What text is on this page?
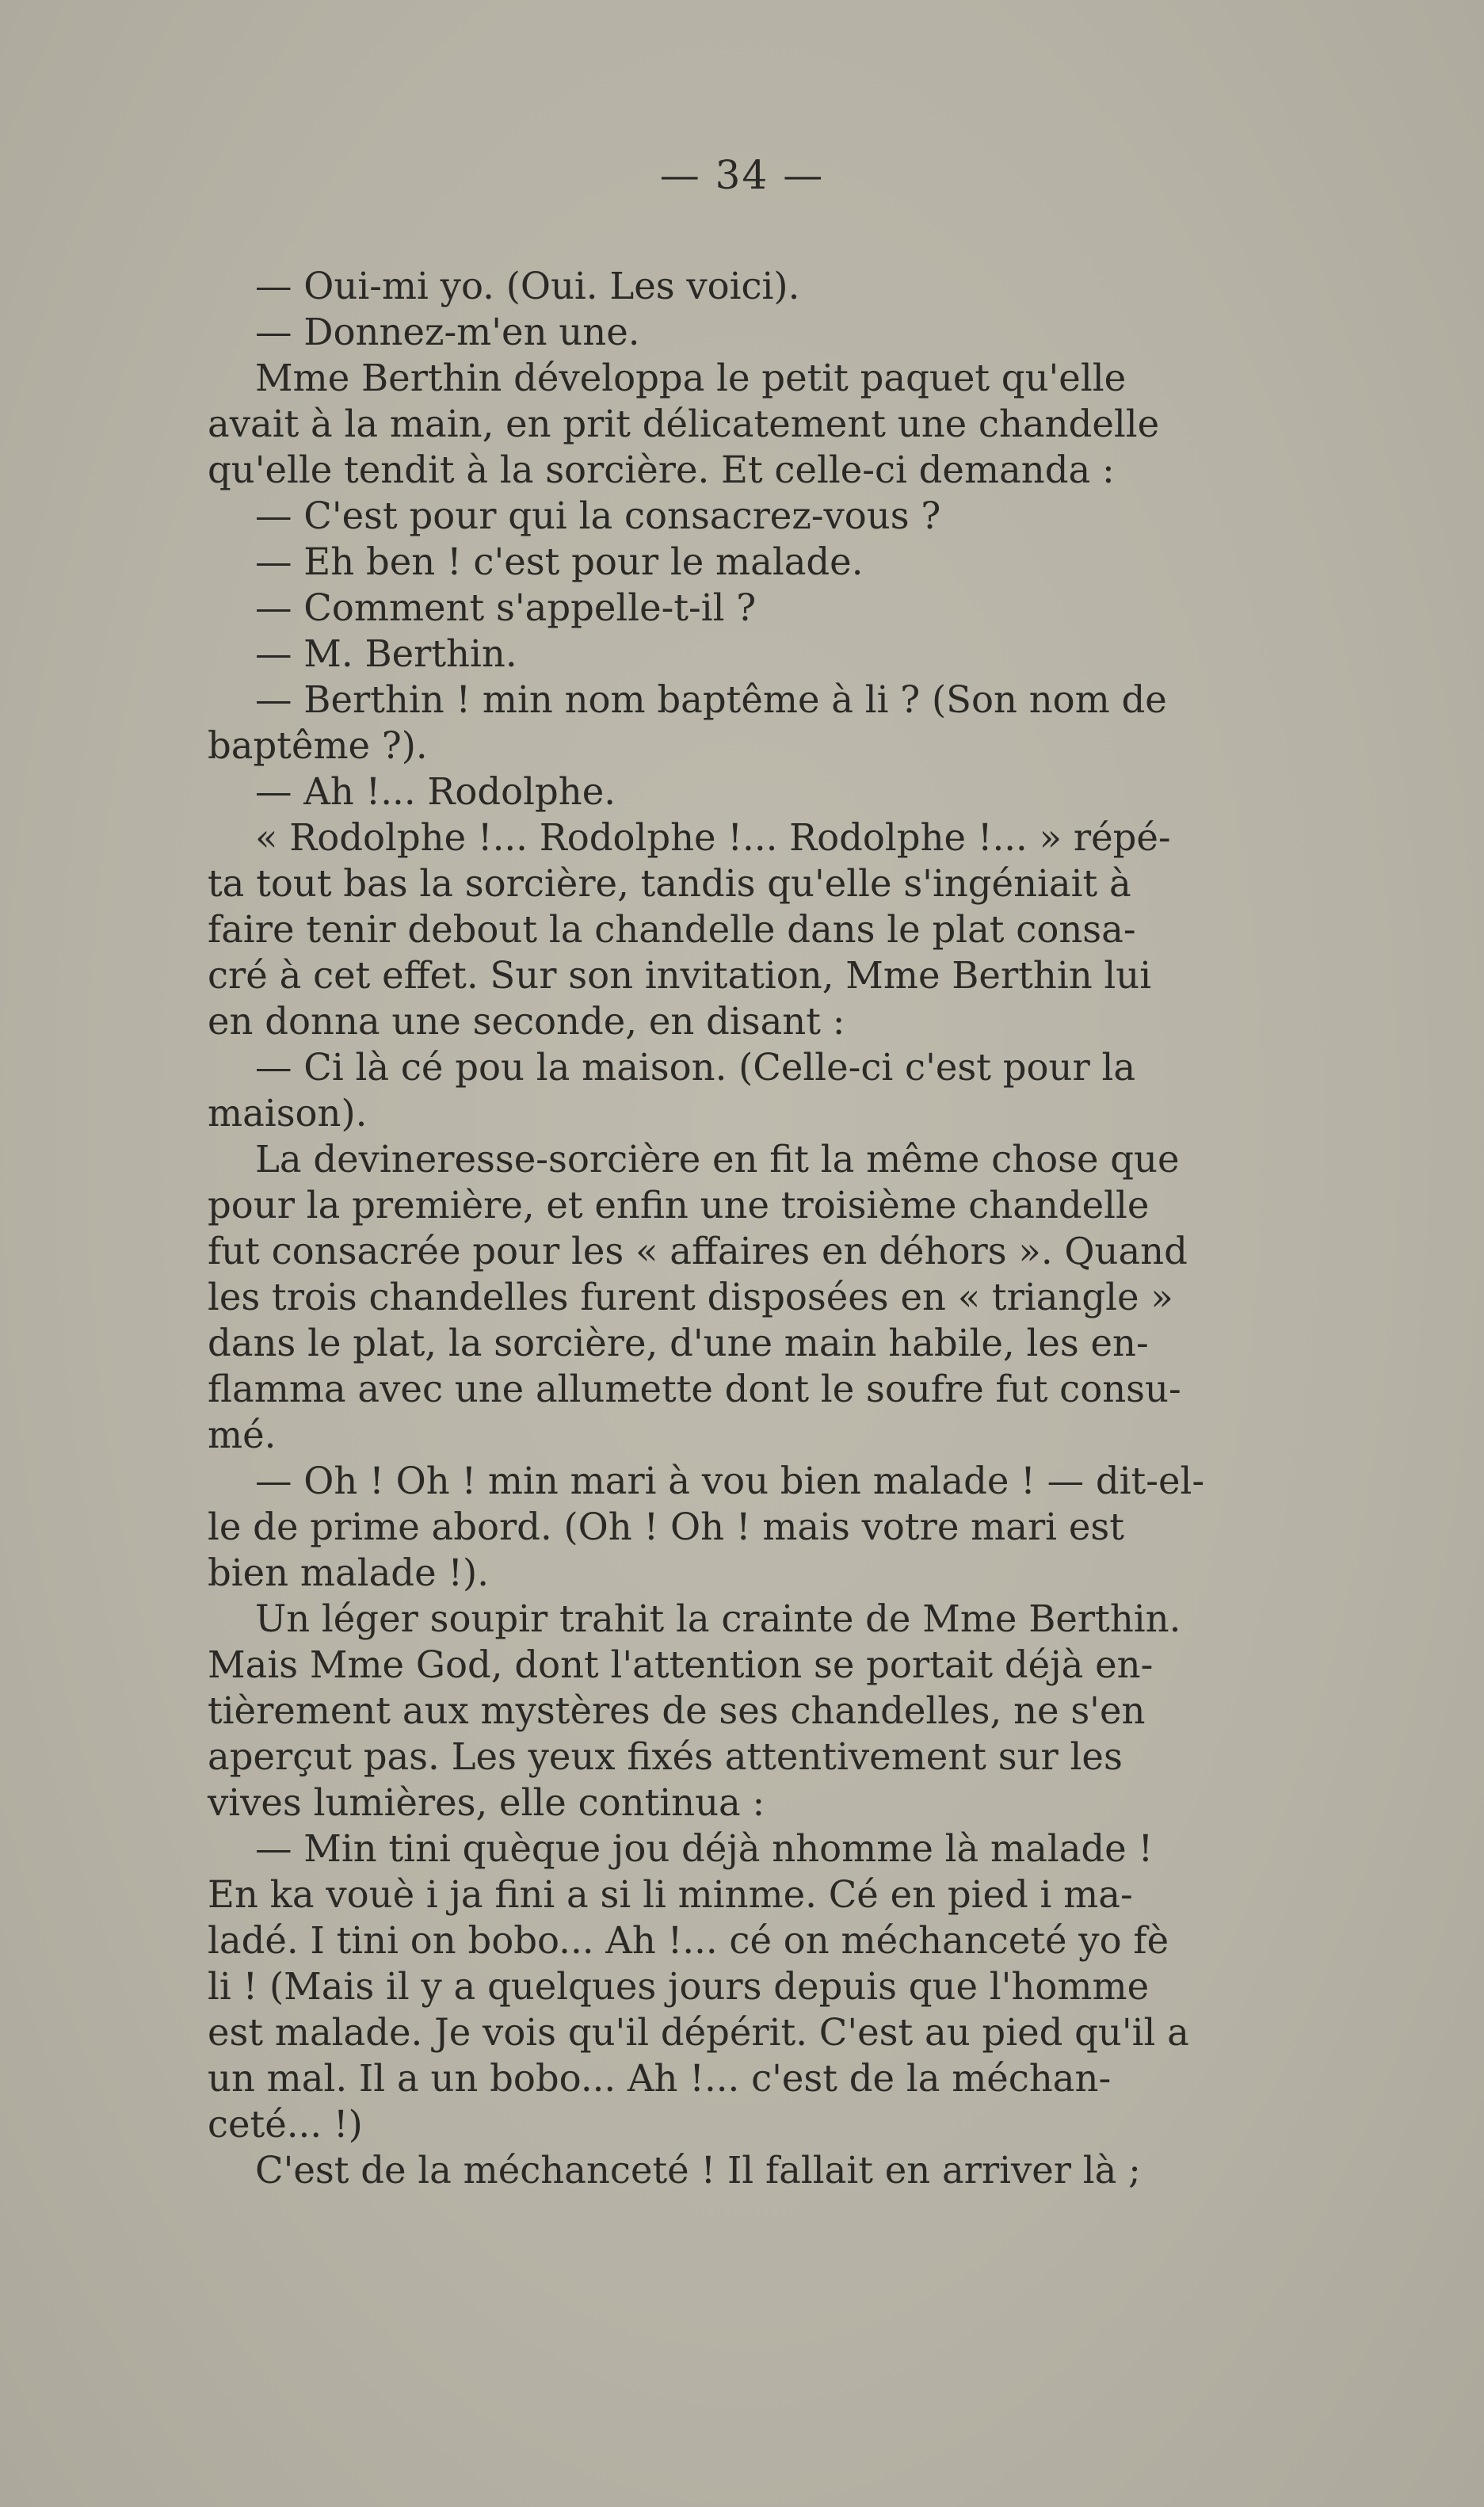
— 34 —
— Oui-mi yo. (Oui. Les voici).
— Donnez-m'en une.
Mme Berthin développa le petit paquet qu'elle
avait à la main, en prit délicatement une chandelle
qu'elle tendit à la sorcière. Et celle-ci demanda :
— C'est pour qui la consacrez-vous ?
— Eh ben ! c'est pour le malade.
— Comment s'appelle-t-il ?
— M. Berthin.
— Berthin ! min nom baptême à li ? (Son nom de
baptême ?).
— Ah !... Rodolphe.
« Rodolphe !... Rodolphe !... Rodolphe !... » répé-
ta tout bas la sorcière, tandis qu'elle s'ingéniait à
faire tenir debout la chandelle dans le plat consa-
cré à cet effet. Sur son invitation, Mme Berthin lui
en donna une seconde, en disant :
— Ci là cé pou la maison. (Celle-ci c'est pour la
maison).
La devineresse-sorcière en fit la même chose que
pour la première, et enfin une troisième chandelle
fut consacrée pour les « affaires en déhors ». Quand
les trois chandelles furent disposées en « triangle »
dans le plat, la sorcière, d'une main habile, les en-
flamma avec une allumette dont le soufre fut consu-
mé.
— Oh ! Oh ! min mari à vou bien malade ! — dit-el-
le de prime abord. (Oh ! Oh ! mais votre mari est
bien malade !).
Un léger soupir trahit la crainte de Mme Berthin.
Mais Mme God, dont l'attention se portait déjà en-
tièrement aux mystères de ses chandelles, ne s'en
aperçut pas. Les yeux fixés attentivement sur les
vives lumières, elle continua :
— Min tini quèque jou déjà nhomme là malade !
En ka vouè i ja fini a si li minme. Cé en pied i ma-
ladé. I tini on bobo... Ah !... cé on méchanceté yo fè
li ! (Mais il y a quelques jours depuis que l'homme
est malade. Je vois qu'il dépérit. C'est au pied qu'il a
un mal. Il a un bobo... Ah !... c'est de la méchan-
ceté... !)
C'est de la méchanceté ! Il fallait en arriver là ;
